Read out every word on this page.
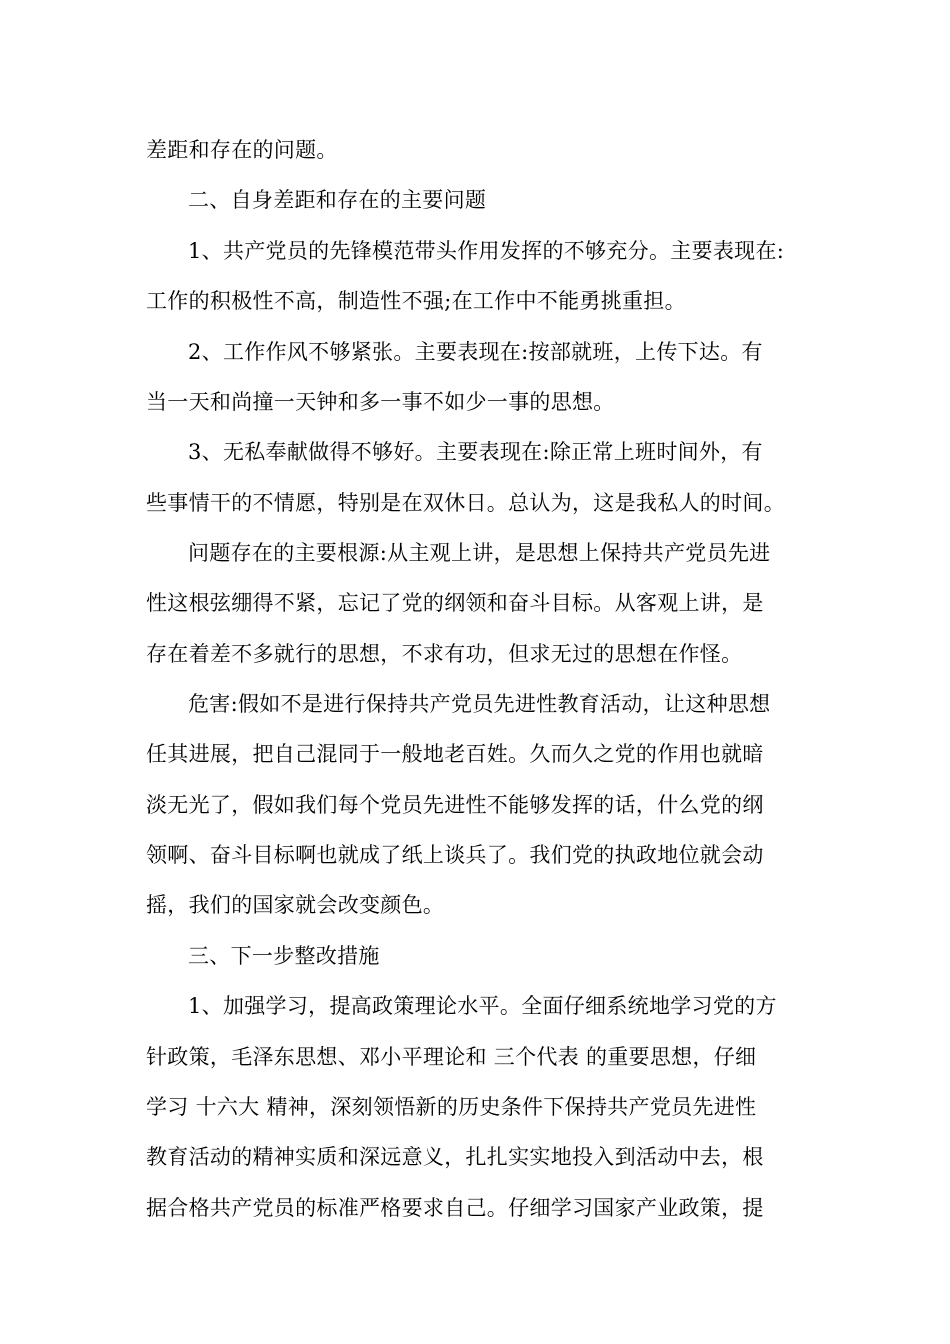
差距和存在的问题。

二、自身差距和存在的主要问题

1、共产党员的先锋模范带头作用发挥的不够充分。主要表现在:

工作的积极性不高，制造性不强;在工作中不能勇挑重担。

2、工作作风不够紧张。主要表现在:按部就班，上传下达。有

当一天和尚撞一天钟和多一事不如少一事的思想。

3、无私奉献做得不够好。主要表现在:除正常上班时间外，有

些事情干的不情愿，特别是在双休日。总认为，这是我私人的时间。

问题存在的主要根源:从主观上讲，是思想上保持共产党员先进

性这根弦绷得不紧，忘记了党的纲领和奋斗目标。从客观上讲，是

存在着差不多就行的思想，不求有功，但求无过的思想在作怪。

危害:假如不是进行保持共产党员先进性教育活动，让这种思想

任其进展，把自己混同于一般地老百姓。久而久之党的作用也就暗

淡无光了，假如我们每个党员先进性不能够发挥的话，什么党的纲

领啊、奋斗目标啊也就成了纸上谈兵了。我们党的执政地位就会动

摇，我们的国家就会改变颜色。

三、下一步整改措施

1、加强学习，提高政策理论水平。全面仔细系统地学习党的方

针政策，毛泽东思想、邓小平理论和 三个代表 的重要思想，仔细

学习 十六大 精神，深刻领悟新的历史条件下保持共产党员先进性

教育活动的精神实质和深远意义，扎扎实实地投入到活动中去，根

据合格共产党员的标准严格要求自己。仔细学习国家产业政策，提
